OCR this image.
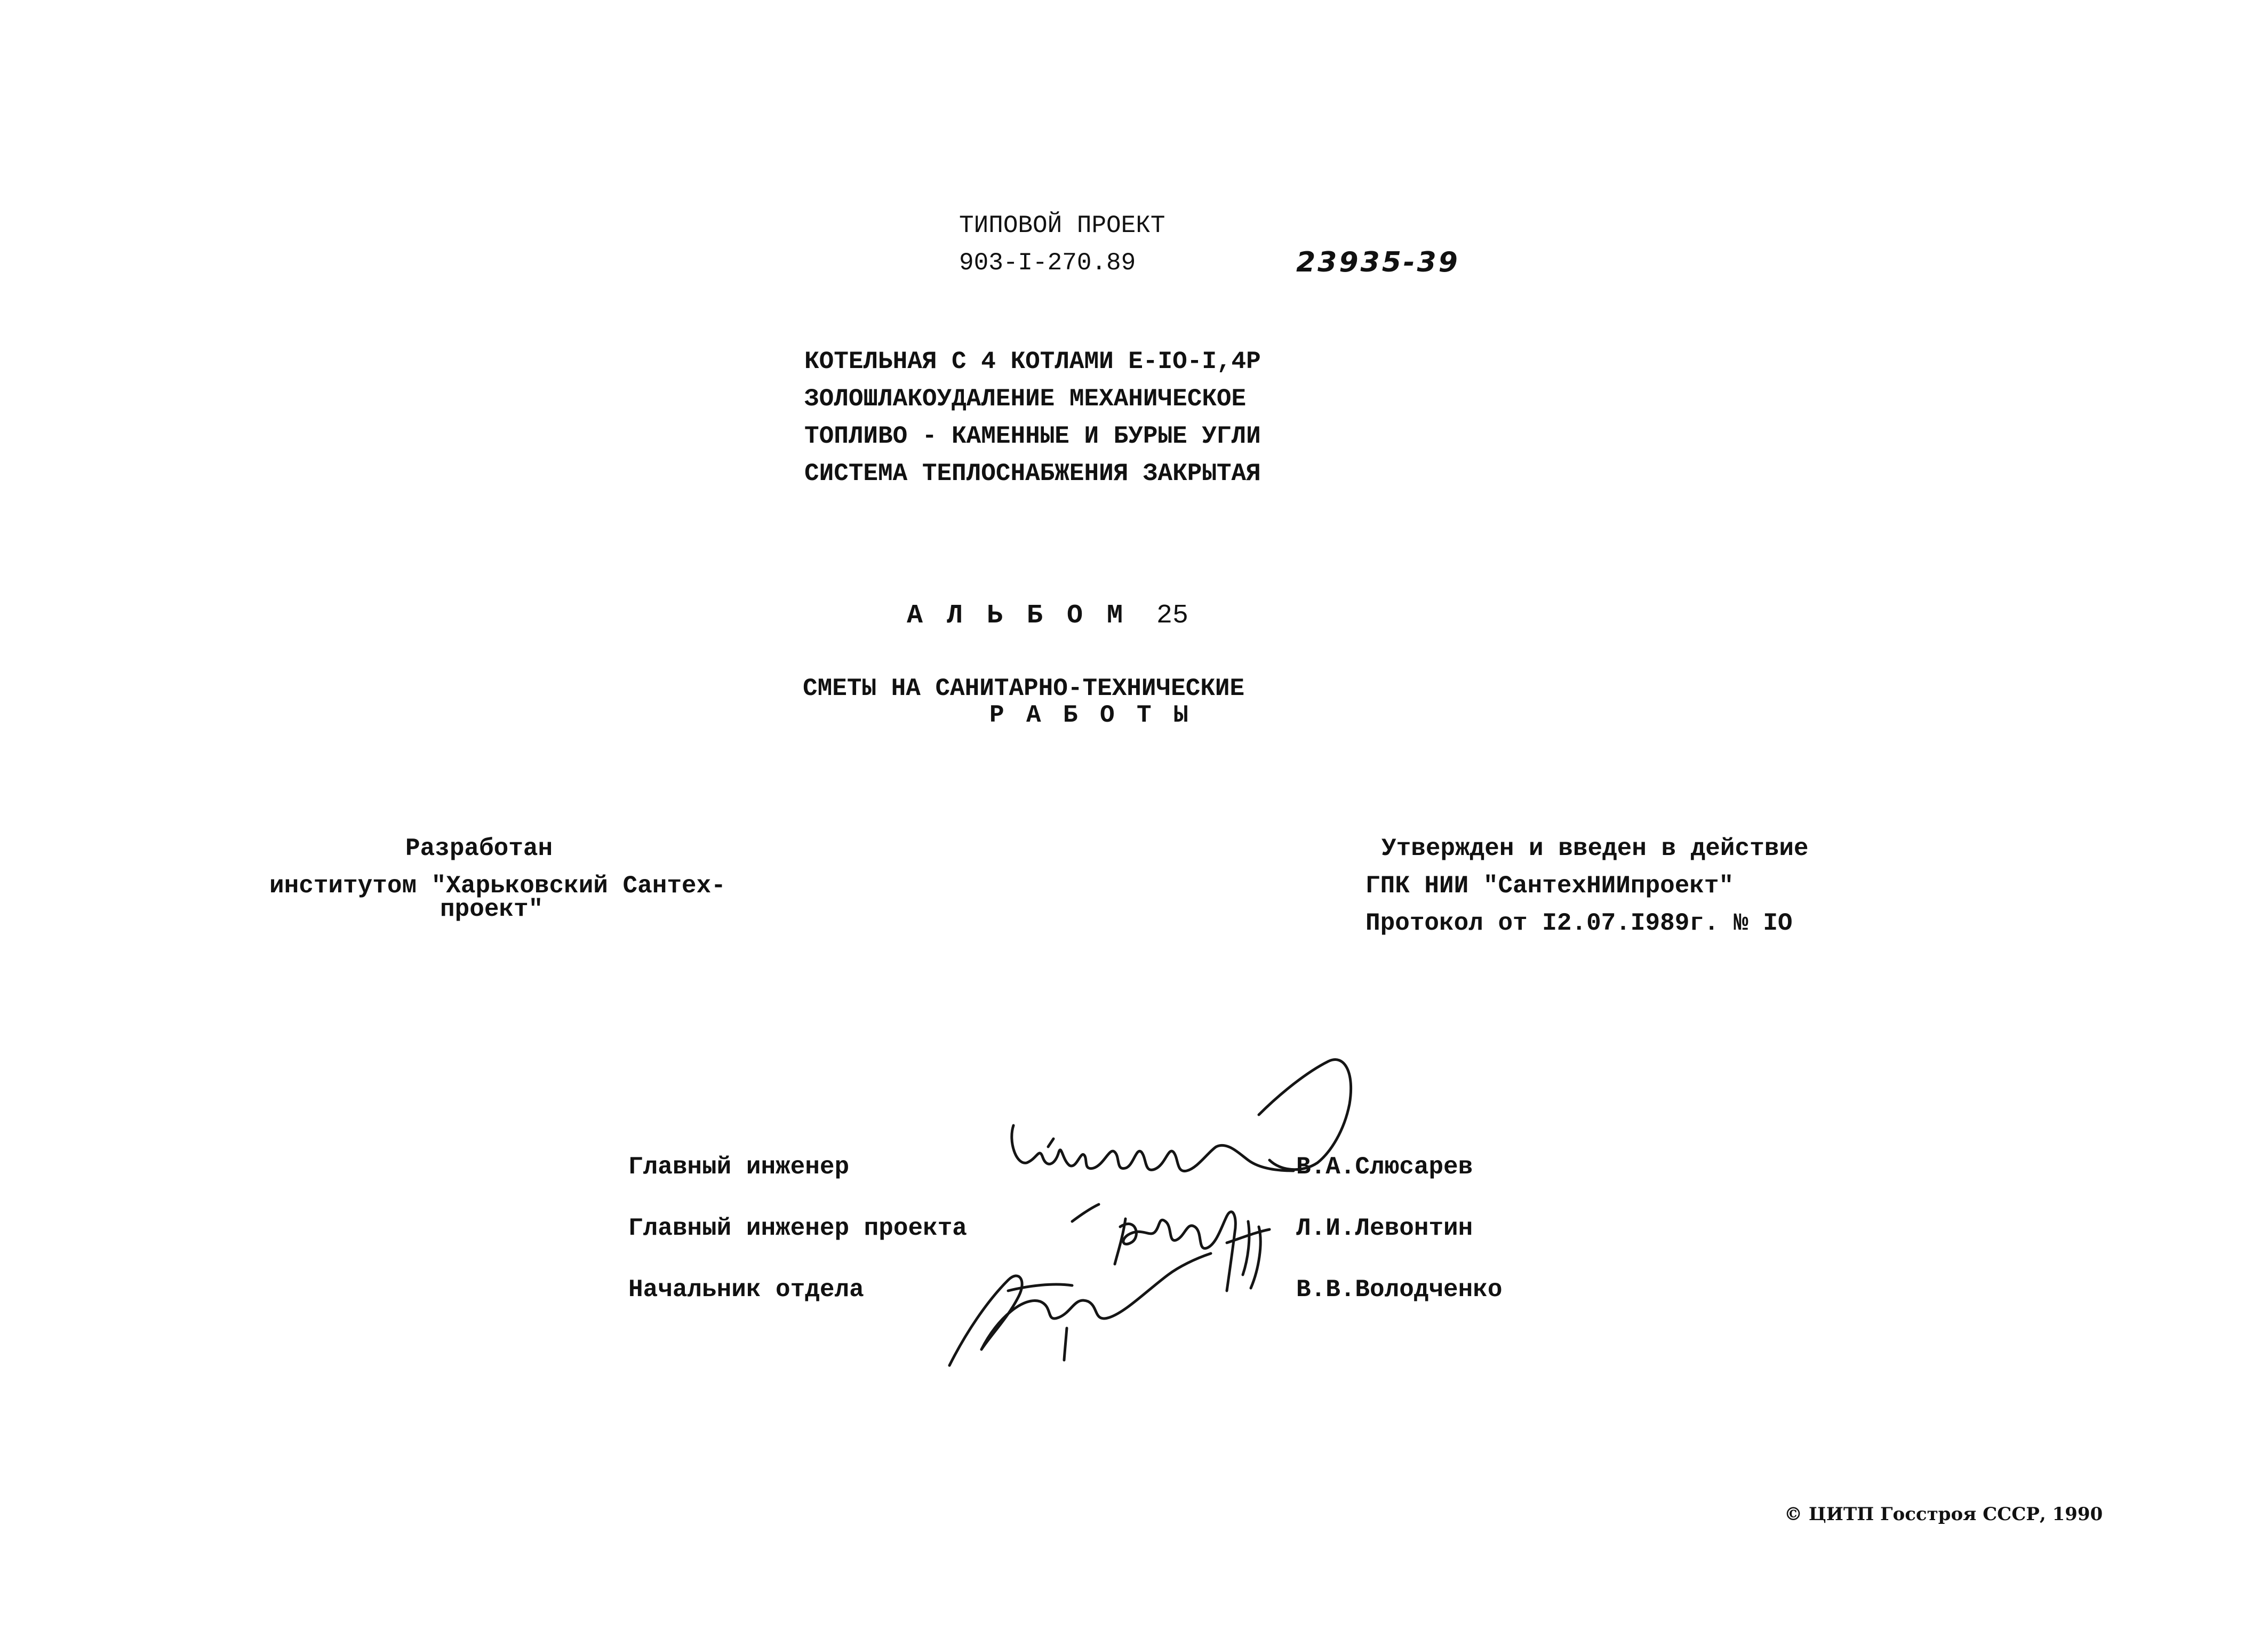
ТИПОВОЙ ПРОЕКТ
903-I-270.89	23935-39
КОТЕЛЬНАЯ С 4 КОТЛАМИ Е-IO-I,4Р
ЗОЛОШЛАКОУДАЛЕНИЕ МЕХАНИЧЕСКОЕ
ТОПЛИВО - КАМЕННЫЕ И БУРЫЕ УГЛИ
СИСТЕМА ТЕПЛОСНАБЖЕНИЯ ЗАКРЫТАЯ
АЛЬБОМ 25
СМЕТЫ НА САНИТАРНО-ТЕХНИЧЕСКИЕ
РАБОТЫ
Разработан
институтом "Харьковский Сантех-
проект"
Утвержден и введен в действие
ГПК НИИ "СантехНИИпроект"
Протокол от I2.07.I989г. № IO
Главный инженер	В.А.Слюсарев
Главный инженер проекта	Л.И.Левонтин
Начальник отдела	В.В.Володченко
© ЦИТП Госстроя СССР, 1990
